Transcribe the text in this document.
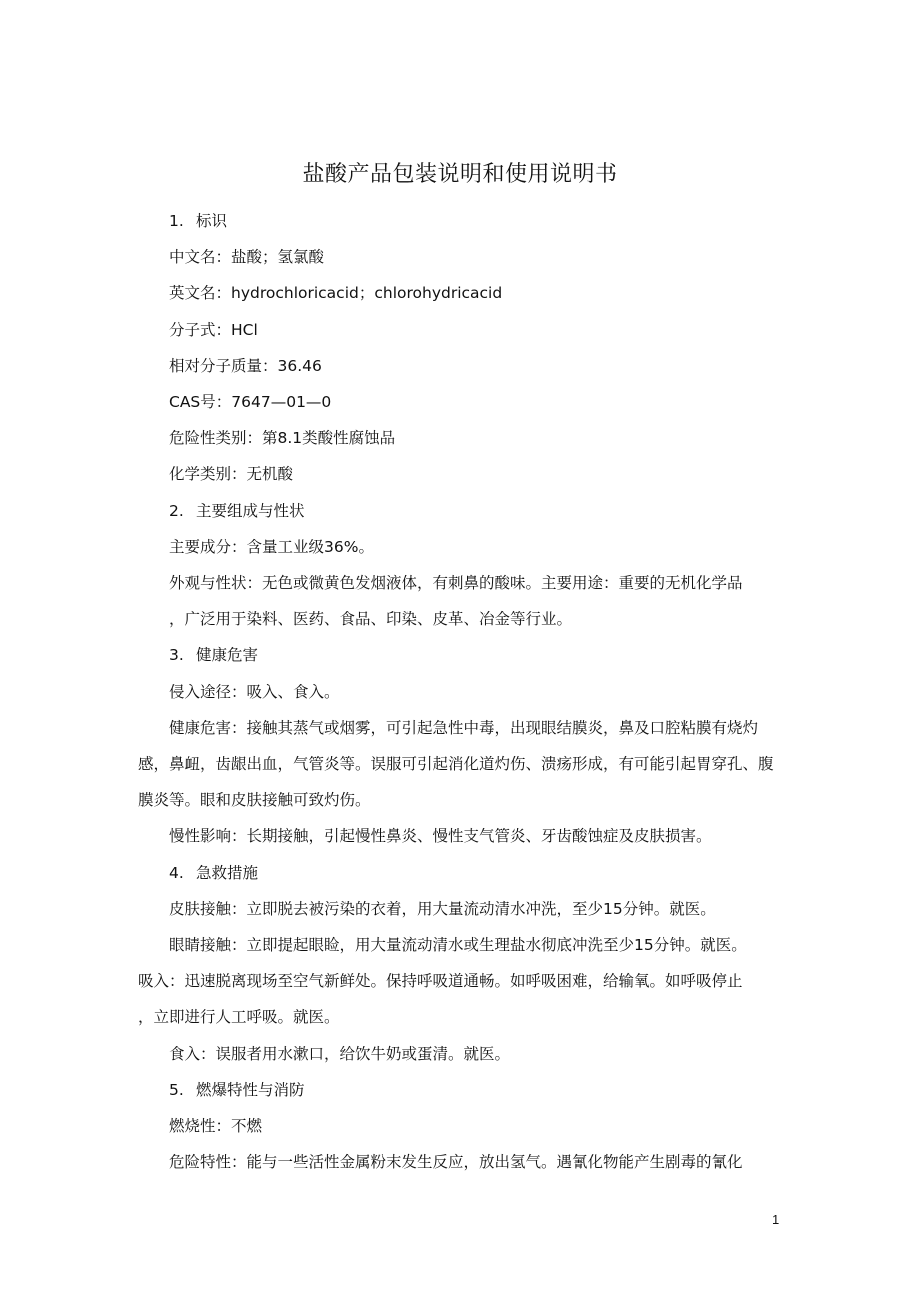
盐酸产品包装说明和使用说明书

1. 标识

中文名：盐酸；氢氯酸

英文名：hydrochloricacid；chlorohydricacid

分子式：HCl

相对分子质量：36.46

CAS号：7647—01—0

危险性类别：第8.1类酸性腐蚀品

化学类别：无机酸

2. 主要组成与性状

主要成分：含量工业级36%。

外观与性状：无色或微黄色发烟液体，有刺鼻的酸味。主要用途：重要的无机化学品

，广泛用于染料、医药、食品、印染、皮革、冶金等行业。

3. 健康危害

侵入途径：吸入、食入。

健康危害：接触其蒸气或烟雾，可引起急性中毒，出现眼结膜炎，鼻及口腔粘膜有烧灼感，鼻衄，齿龈出血，气管炎等。误服可引起消化道灼伤、溃疡形成，有可能引起胃穿孔、腹膜炎等。眼和皮肤接触可致灼伤。

慢性影响：长期接触，引起慢性鼻炎、慢性支气管炎、牙齿酸蚀症及皮肤损害。

4. 急救措施

皮肤接触：立即脱去被污染的衣着，用大量流动清水冲洗，至少15分钟。就医。

眼睛接触：立即提起眼睑，用大量流动清水或生理盐水彻底冲洗至少15分钟。就医。

吸入：迅速脱离现场至空气新鲜处。保持呼吸道通畅。如呼吸困难，给输氧。如呼吸停止

，立即进行人工呼吸。就医。

食入：误服者用水漱口，给饮牛奶或蛋清。就医。

5. 燃爆特性与消防

燃烧性：不燃

危险特性：能与一些活性金属粉末发生反应，放出氢气。遇氰化物能产生剧毒的氰化

1
